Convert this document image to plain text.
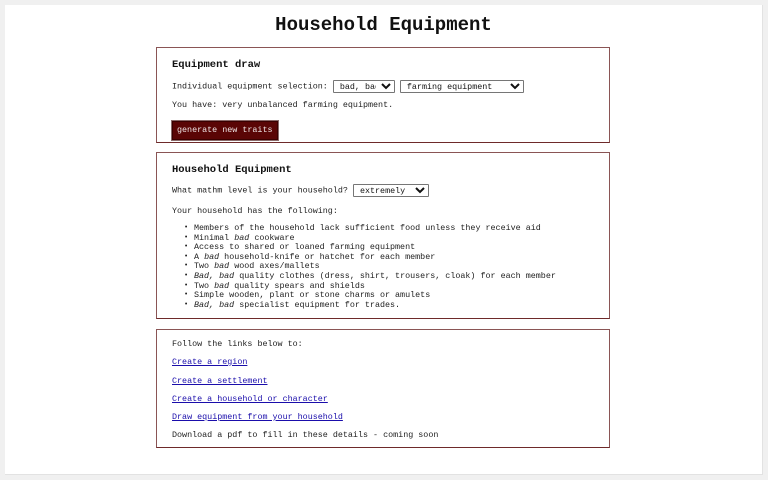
Household Equipment
Equipment draw
Individual equipment selection:
bad, bad
farming equipment
You have: very unbalanced farming equipment.
generate new traits
Household Equipment
What mathm level is your household?
extremely low
Your household has the following:
• Members of the household lack sufficient food unless they receive aid
• Minimal bad cookware
• Access to shared or loaned farming equipment
• A bad household-knife or hatchet for each member
• Two bad wood axes/mallets
• Bad, bad quality clothes (dress, shirt, trousers, cloak) for each member
• Two bad quality spears and shields
• Simple wooden, plant or stone charms or amulets
• Bad, bad specialist equipment for trades.
Follow the links below to:
Create a region
Create a settlement
Create a household or character
Draw equipment from your household
Download a pdf to fill in these details - coming soon
